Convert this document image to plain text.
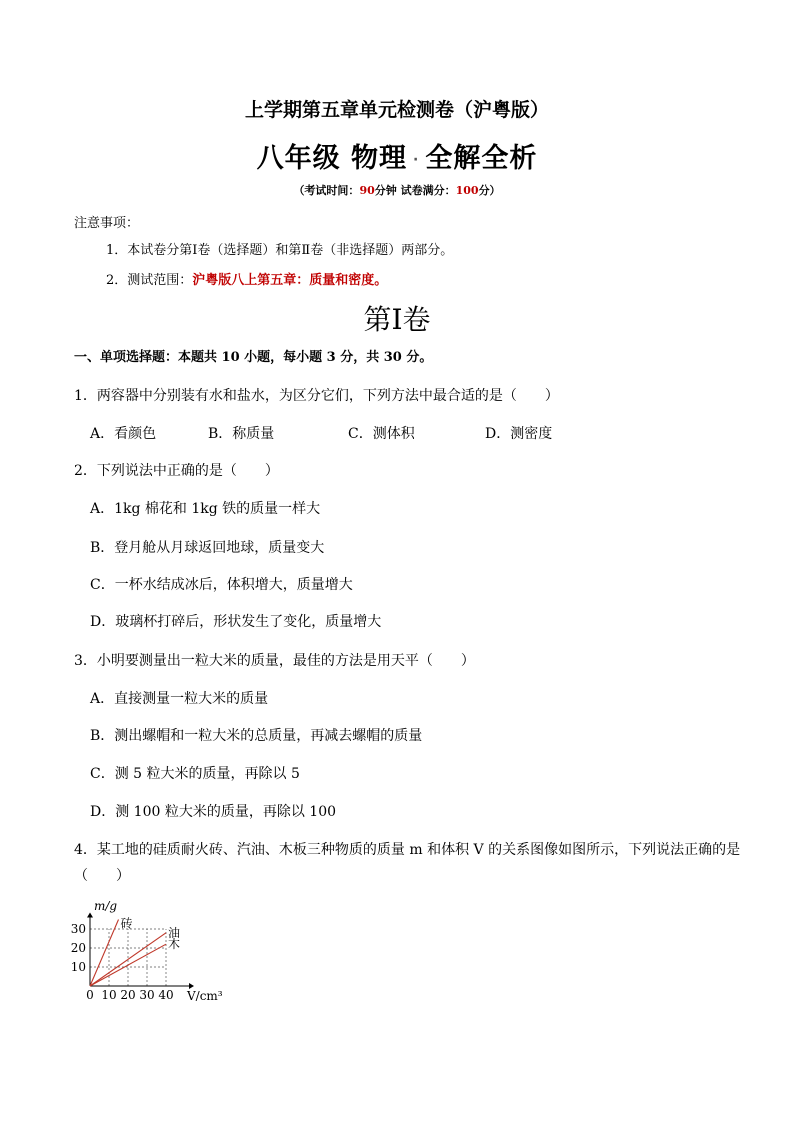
上学期第五章单元检测卷（沪粤版）
八年级 物理 · 全解全析
（考试时间：90分钟 试卷满分：100分）
注意事项：
1．本试卷分第Ⅰ卷（选择题）和第Ⅱ卷（非选择题）两部分。
2．测试范围：沪粤版八上第五章：质量和密度。
第Ⅰ卷
一、单项选择题：本题共 10 小题，每小题 3 分，共 30 分。
1．两容器中分别装有水和盐水，为区分它们，下列方法中最合适的是（　　）
A．看颜色	B．称质量	C．测体积	D．测密度
2．下列说法中正确的是（　　）
A．1kg 棉花和 1kg 铁的质量一样大
B．登月舱从月球返回地球，质量变大
C．一杯水结成冰后，体积增大，质量增大
D．玻璃杯打碎后，形状发生了变化，质量增大
3．小明要测量出一粒大米的质量，最佳的方法是用天平（　　）
A．直接测量一粒大米的质量
B．测出螺帽和一粒大米的总质量，再减去螺帽的质量
C．测 5 粒大米的质量，再除以 5
D．测 100 粒大米的质量，再除以 100
4．某工地的硅质耐火砖、汽油、木板三种物质的质量 m 和体积 V 的关系图像如图所示，下列说法正确的是
（　　）
0 10 20 30 40
10
20
30	砖
油
木
m/g
V/cm³
